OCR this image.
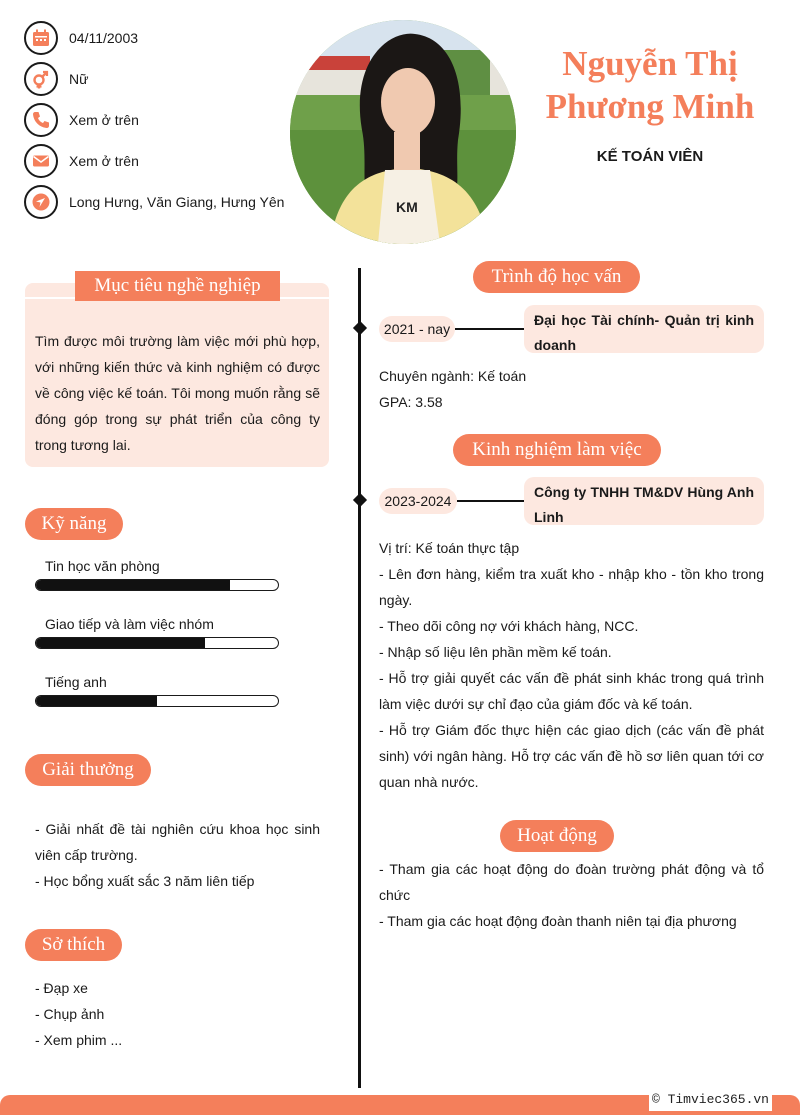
04/11/2003
Nữ
Xem ở trên
Xem ở trên
Long Hưng, Văn Giang, Hưng Yên	KM
Nguyễn Thị
Phương Minh
KẾ TOÁN VIÊN
Mục tiêu nghề nghiệp
Tìm được môi trường làm việc mới phù hợp, với những kiến thức và kinh nghiệm có được về công việc kế toán. Tôi mong muốn rằng sẽ đóng góp trong sự phát triển của công ty trong tương lai.
Kỹ năng
Tin học văn phòng
Giao tiếp và làm việc nhóm
Tiếng anh
Giải thưởng
- Giải nhất đề tài nghiên cứu khoa học sinh viên cấp trường.
- Học bổng xuất sắc 3 năm liên tiếp
Sở thích
- Đạp xe
- Chụp ảnh
- Xem phim ...
Trình độ học vấn
2021 - nay
Đại học Tài chính- Quản trị kinh doanh
Chuyên ngành: Kế toán
GPA: 3.58
Kinh nghiệm làm việc
2023-2024
Công ty TNHH TM&DV Hùng Anh Linh
Vị trí: Kế toán thực tập
- Lên đơn hàng, kiểm tra xuất kho - nhập kho - tồn kho trong ngày.
- Theo dõi công nợ với khách hàng, NCC.
- Nhập số liệu lên phần mềm kế toán.
- Hỗ trợ giải quyết các vấn đề phát sinh khác trong quá trình làm việc dưới sự chỉ đạo của giám đốc và kế toán.
- Hỗ trợ Giám đốc thực hiện các giao dịch (các vấn đề phát sinh) với ngân hàng. Hỗ trợ các vấn đề hồ sơ liên quan tới cơ quan nhà nước.
Hoạt động
- Tham gia các hoạt động do đoàn trường phát động và tổ chức
- Tham gia các hoạt động đoàn thanh niên tại địa phương
© Timviec365.vn
